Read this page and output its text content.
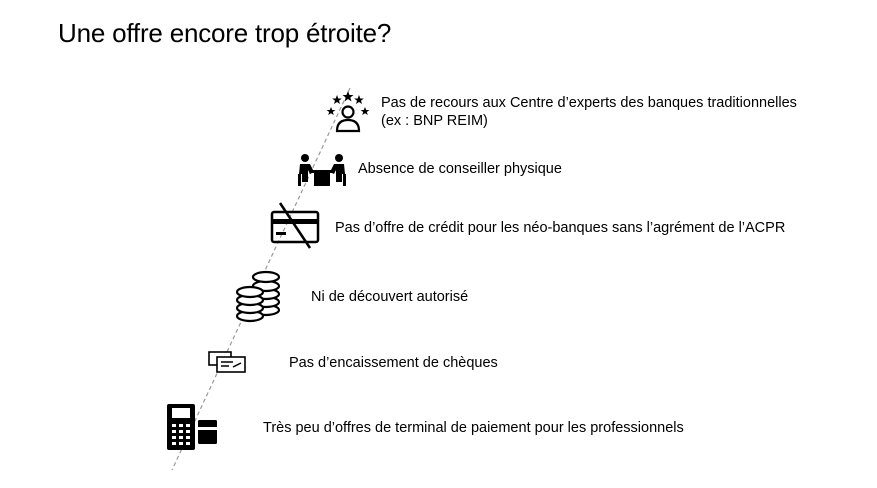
Une offre encore trop étroite?
Pas de recours aux Centre d’experts des banques traditionnelles
(ex : BNP REIM)
Absence de conseiller physique
Pas d’offre de crédit pour les néo-banques sans l’agrément de l’ACPR
Ni de découvert autorisé
Pas d’encaissement de chèques
Très peu d’offres de terminal de paiement pour les professionnels
